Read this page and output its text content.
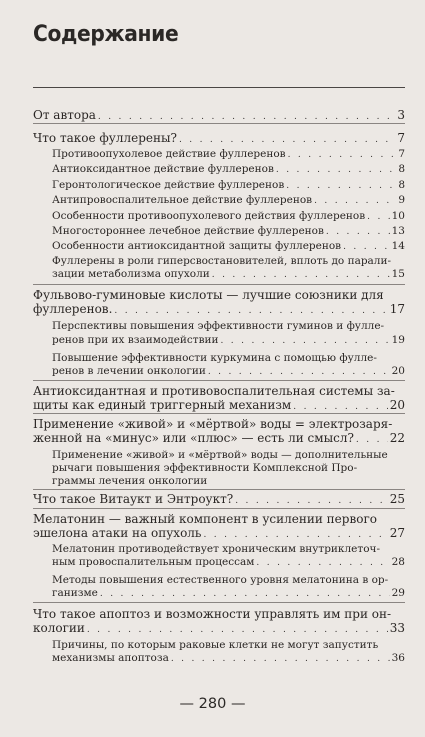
Содержание
От автора . . .	3
Что такое фуллерены? . . .	7
Противоопухолевое действие фуллеренов . . .	7
Антиоксидантное действие фуллеренов . . .	8
Геронтологическое действие фуллеренов . . .	8
Антипровоспалительное действие фуллеренов . . .	9
Особенности противоопухолевого действия фуллеренов . . .	10
Многостороннее лечебное действие фуллеренов . . .	13
Особенности антиоксидантной защиты фуллеренов . . .	14
Фуллерены в роли гиперсвостановителей, вплоть до парали-
зации метаболизма опухоли . . .	15
Фульвово-гуминовые кислоты — лучшие союзники для
фуллеренов. . . .	17
Перспективы повышения эффективности гуминов и фулле-
ренов при их взаимодействии . . .	19
Повышение эффективности куркумина с помощью фулле-
ренов в лечении онкологии . . .	20
Антиоксидантная и противовоспалительная системы за-
щиты как единый триггерный механизм . . .	20
Применение «живой» и «мёртвой» воды = электрозаря-
женной на «минус» или «плюс» — есть ли смысл? . . .	22
Применение «живой» и «мёртвой» воды — дополнительные
рычаги повышения эффективности Комплексной Про-
граммы лечения онкологии
Что такое Витаукт и Энтроукт? . . .	25
Мелатонин — важный компонент в усилении первого
эшелона атаки на опухоль . . .	27
Мелатонин противодействует хроническим внутриклеточ-
ным провоспалительным процессам . . .	28
Методы повышения естественного уровня мелатонина в ор-
ганизме . . .	29
Что такое апоптоз и возможности управлять им при он-
кологии . . .	33
Причины, по которым раковые клетки не могут запустить
механизмы апоптоза . . .	36
— 280 —
